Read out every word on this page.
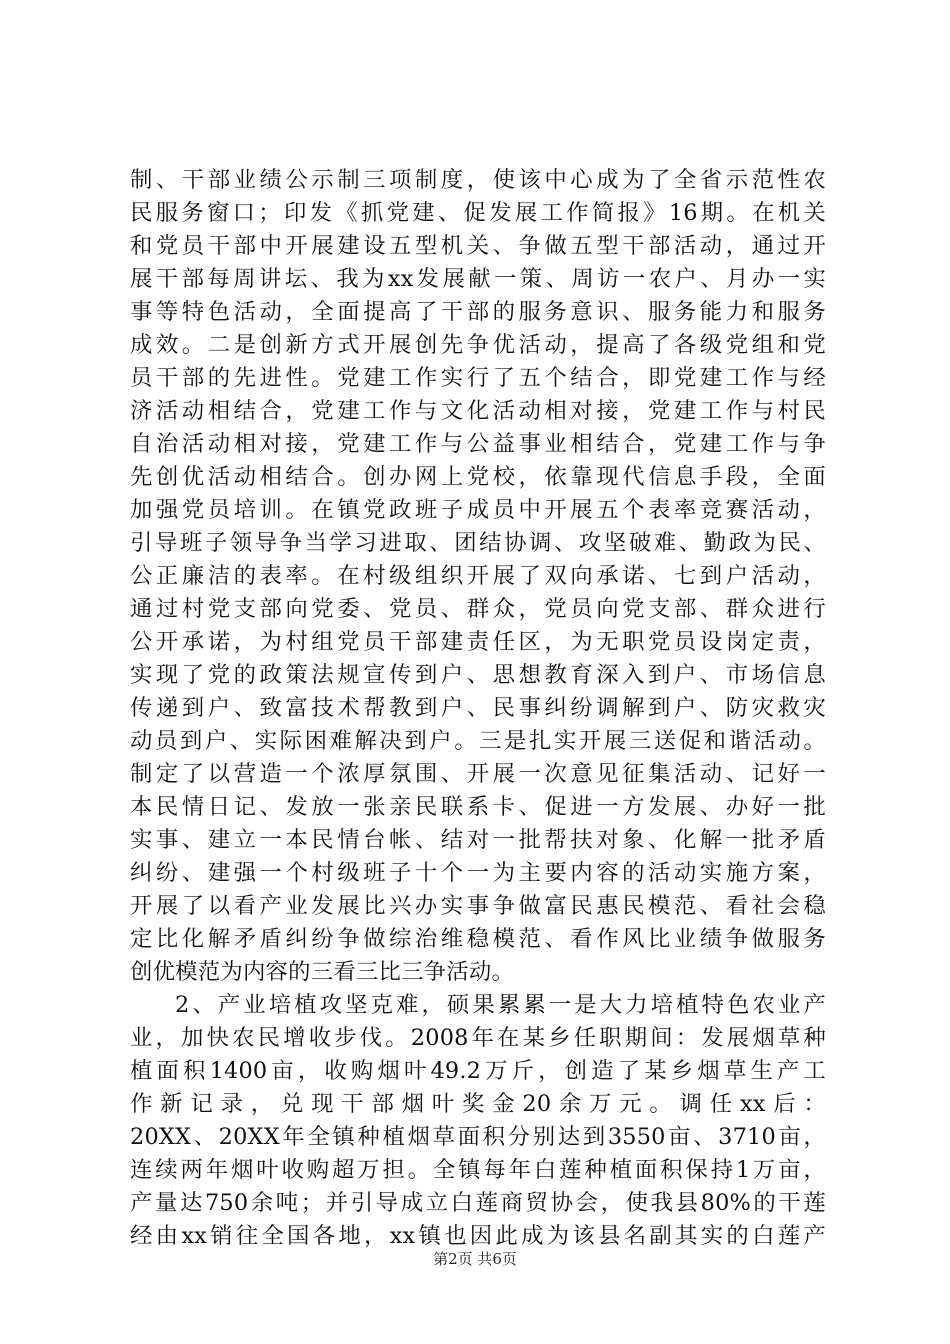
制、干部业绩公示制三项制度，使该中心成为了全省示范性农
民服务窗口；印发《抓党建、促发展工作简报》16期。在机关
和党员干部中开展建设五型机关、争做五型干部活动，通过开
展干部每周讲坛、我为xx发展献一策、周访一农户、月办一实
事等特色活动，全面提高了干部的服务意识、服务能力和服务
成效。二是创新方式开展创先争优活动，提高了各级党组和党
员干部的先进性。党建工作实行了五个结合，即党建工作与经
济活动相结合，党建工作与文化活动相对接，党建工作与村民
自治活动相对接，党建工作与公益事业相结合，党建工作与争
先创优活动相结合。创办网上党校，依靠现代信息手段，全面
加强党员培训。在镇党政班子成员中开展五个表率竞赛活动，
引导班子领导争当学习进取、团结协调、攻坚破难、勤政为民、
公正廉洁的表率。在村级组织开展了双向承诺、七到户活动，
通过村党支部向党委、党员、群众，党员向党支部、群众进行
公开承诺，为村组党员干部建责任区，为无职党员设岗定责，
实现了党的政策法规宣传到户、思想教育深入到户、市场信息
传递到户、致富技术帮教到户、民事纠纷调解到户、防灾救灾
动员到户、实际困难解决到户。三是扎实开展三送促和谐活动。
制定了以营造一个浓厚氛围、开展一次意见征集活动、记好一
本民情日记、发放一张亲民联系卡、促进一方发展、办好一批
实事、建立一本民情台帐、结对一批帮扶对象、化解一批矛盾
纠纷、建强一个村级班子十个一为主要内容的活动实施方案，
开展了以看产业发展比兴办实事争做富民惠民模范、看社会稳
定比化解矛盾纠纷争做综治维稳模范、看作风比业绩争做服务
创优模范为内容的三看三比三争活动。
2、产业培植攻坚克难，硕果累累一是大力培植特色农业产
业，加快农民增收步伐。2008年在某乡任职期间：发展烟草种
植面积1400亩，收购烟叶49.2万斤，创造了某乡烟草生产工
作新记录，兑现干部烟叶奖金20余万元。调任xx后：
20XX、20XX年全镇种植烟草面积分别达到3550亩、3710亩，
连续两年烟叶收购超万担。全镇每年白莲种植面积保持1万亩，
产量达750余吨；并引导成立白莲商贸协会，使我县80%的干莲
经由xx销往全国各地，xx镇也因此成为该县名副其实的白莲产
第2页 共6页
